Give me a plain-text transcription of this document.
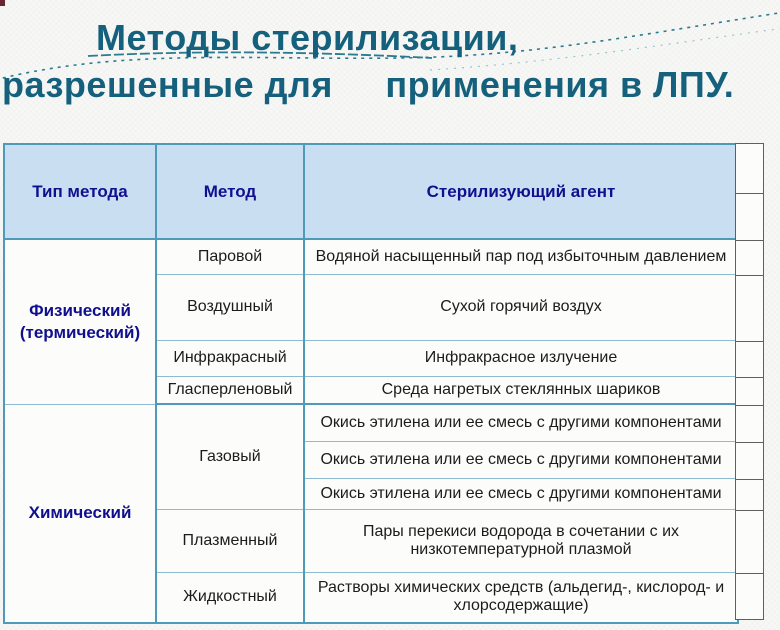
Методы стерилизации,
разрешенные для     применения в ЛПУ.
Тип метода	Метод	Стерилизующий агент
Физический (термический)	Паровой	Водяной насыщенный пар под избыточным давлением
	Воздушный	Сухой горячий воздух
	Инфракрасный	Инфракрасное излучение
	Гласперленовый	Среда нагретых стеклянных шариков
Химический	Газовый	Окись этилена или ее смесь с другими компонентами
		Окись этилена или ее смесь с другими компонентами
		Окись этилена или ее смесь с другими компонентами
	Плазменный	Пары перекиси водорода в сочетании с их низкотемпературной плазмой
	Жидкостный	Растворы химических средств (альдегид-, кислород- и хлорсодержащие)
